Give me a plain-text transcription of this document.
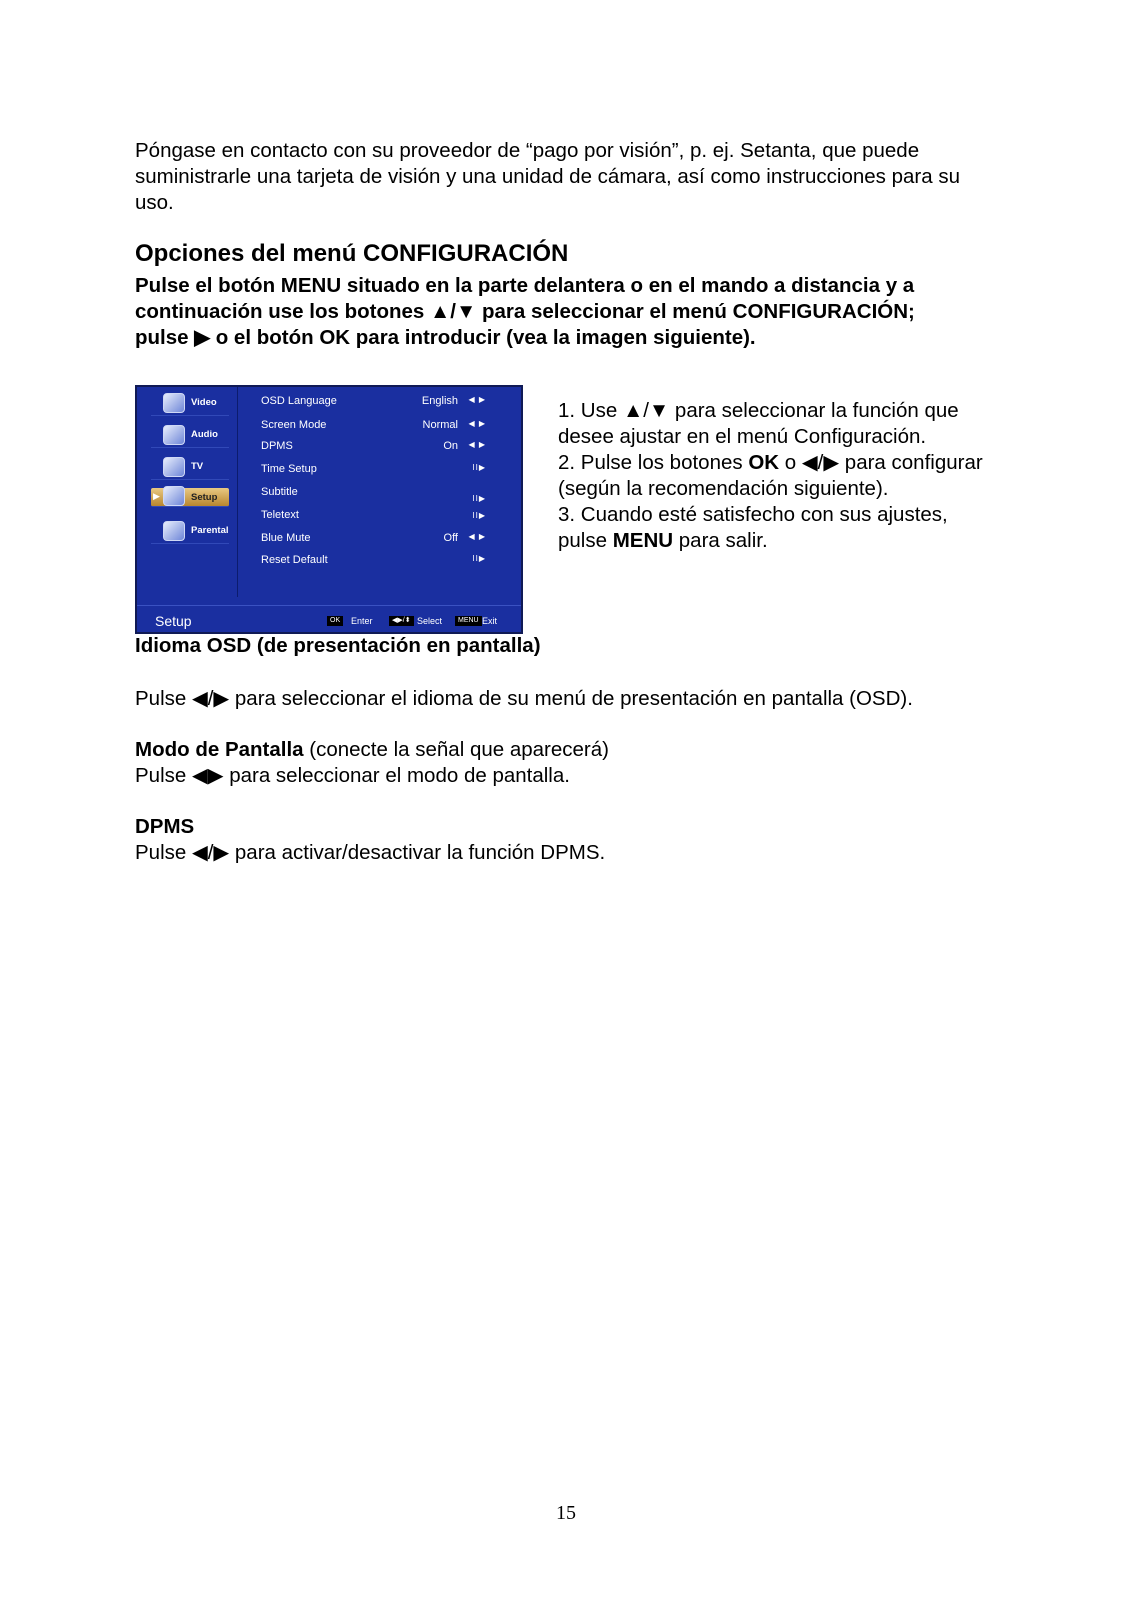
Póngase en contacto con su proveedor de “pago por visión”, p. ej. Setanta, que puede suministrarle una tarjeta de visión y una unidad de cámara, así como instrucciones para su uso.

Opciones del menú CONFIGURACIÓN

Pulse el botón MENU situado en la parte delantera o en el mando a distancia y a continuación use los botones ▲/▼ para seleccionar el menú CONFIGURACIÓN; pulse ▶ o el botón OK para introducir (vea la imagen siguiente).

Video
Audio
TV
▶	Setup
Parental
OSD Language	English ◀ ▶
Screen Mode	Normal ◀ ▶
DPMS	On ◀ ▶
Time Setup	II▶
Subtitle
II▶
Teletext	II▶
Blue Mute	Off ◀ ▶
Reset Default	II▶
Setup	OK	Enter	◀▶/⬍ Select	MENU Exit
1. Use ▲/▼ para seleccionar la función que desee ajustar en el menú Configuración.
2. Pulse los botones OK o ◀/▶ para configurar (según la recomendación siguiente).
3. Cuando esté satisfecho con sus ajustes, pulse MENU para salir.
Idioma OSD (de presentación en pantalla)
Pulse ◀/▶ para seleccionar el idioma de su menú de presentación en pantalla (OSD).
Modo de Pantalla (conecte la señal que aparecerá)
Pulse ◀▶ para seleccionar el modo de pantalla.
DPMS
Pulse ◀/▶ para activar/desactivar la función DPMS.
15
